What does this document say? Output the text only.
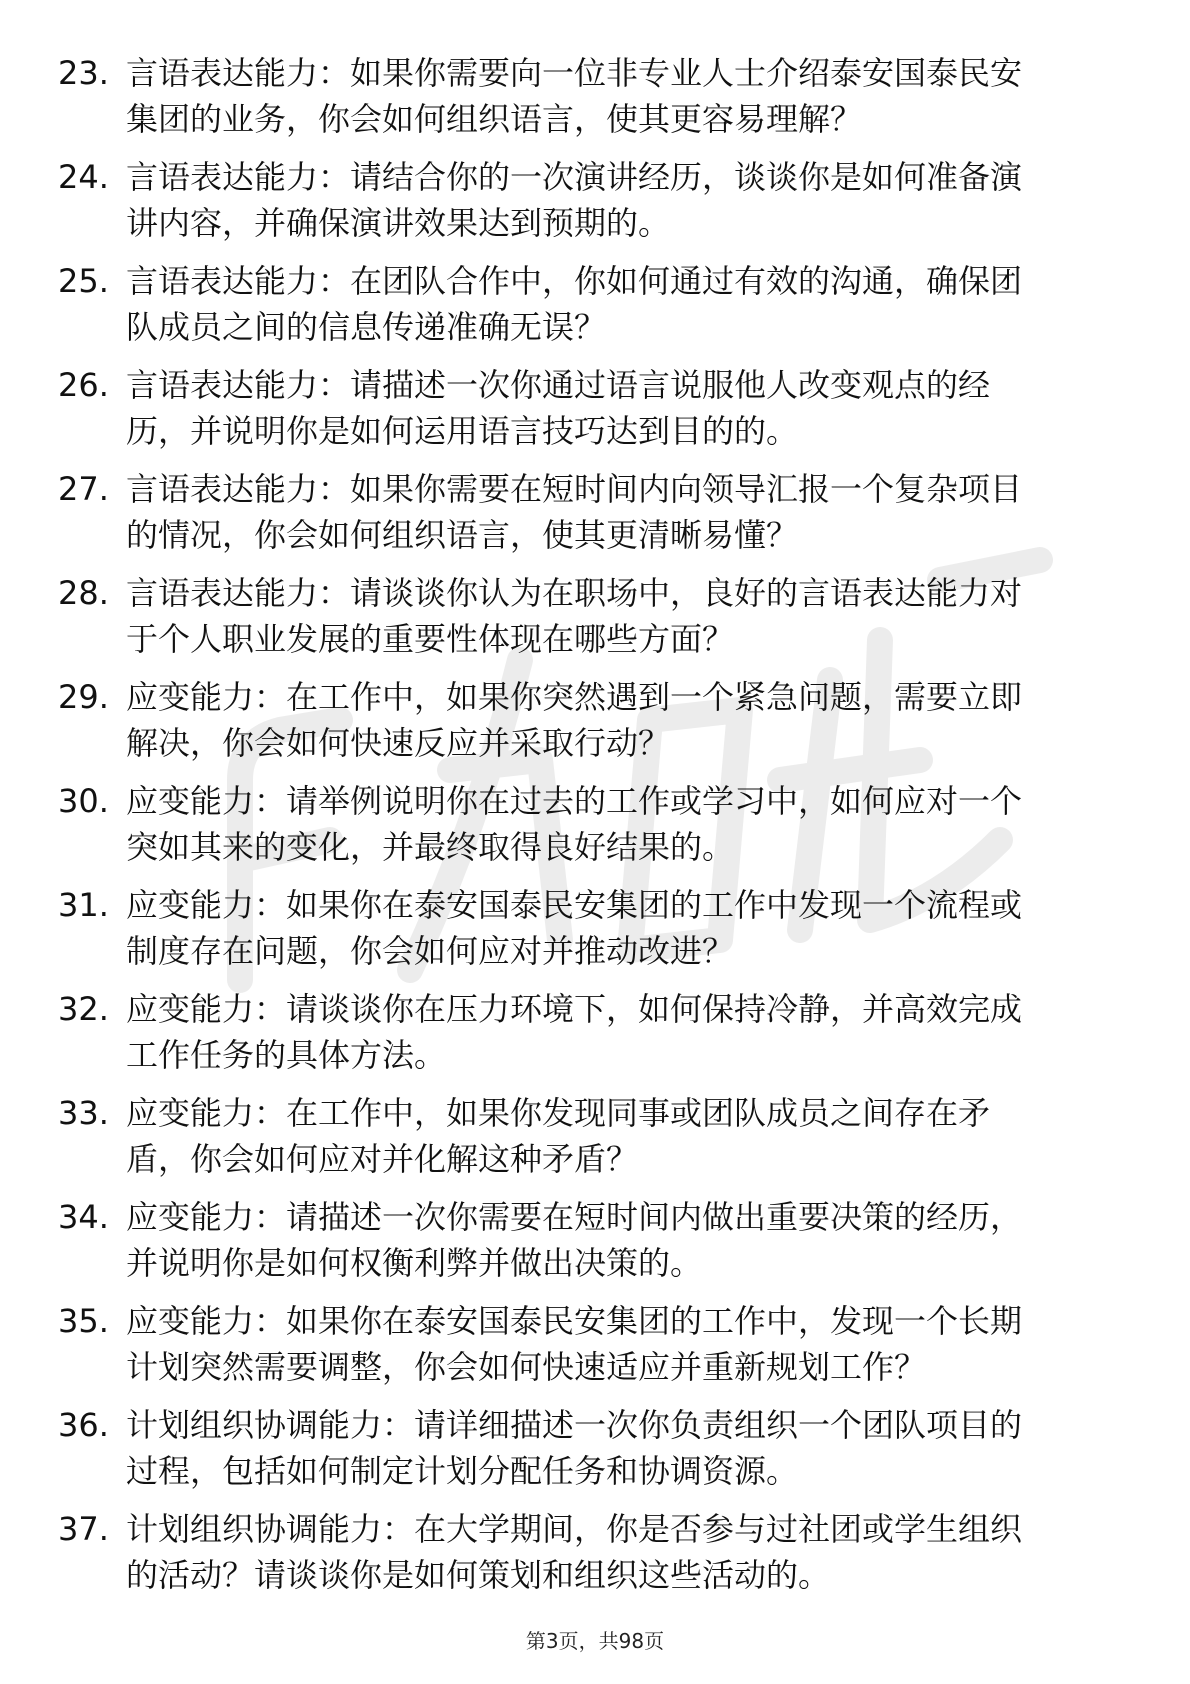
23. 言语表达能力：如果你需要向一位非专业人士介绍泰安国泰民安
集团的业务，你会如何组织语言，使其更容易理解？
24. 言语表达能力：请结合你的一次演讲经历，谈谈你是如何准备演
讲内容，并确保演讲效果达到预期的。
25. 言语表达能力：在团队合作中，你如何通过有效的沟通，确保团
队成员之间的信息传递准确无误？
26. 言语表达能力：请描述一次你通过语言说服他人改变观点的经
历，并说明你是如何运用语言技巧达到目的的。
27. 言语表达能力：如果你需要在短时间内向领导汇报一个复杂项目
的情况，你会如何组织语言，使其更清晰易懂？
28. 言语表达能力：请谈谈你认为在职场中，良好的言语表达能力对
于个人职业发展的重要性体现在哪些方面？
29. 应变能力：在工作中，如果你突然遇到一个紧急问题，需要立即
解决，你会如何快速反应并采取行动？
30. 应变能力：请举例说明你在过去的工作或学习中，如何应对一个
突如其来的变化，并最终取得良好结果的。
31. 应变能力：如果你在泰安国泰民安集团的工作中发现一个流程或
制度存在问题，你会如何应对并推动改进？
32. 应变能力：请谈谈你在压力环境下，如何保持冷静，并高效完成
工作任务的具体方法。
33. 应变能力：在工作中，如果你发现同事或团队成员之间存在矛
盾，你会如何应对并化解这种矛盾？
34. 应变能力：请描述一次你需要在短时间内做出重要决策的经历，
并说明你是如何权衡利弊并做出决策的。
35. 应变能力：如果你在泰安国泰民安集团的工作中，发现一个长期
计划突然需要调整，你会如何快速适应并重新规划工作？
36. 计划组织协调能力：请详细描述一次你负责组织一个团队项目的
过程，包括如何制定计划分配任务和协调资源。
37. 计划组织协调能力：在大学期间，你是否参与过社团或学生组织
的活动？请谈谈你是如何策划和组织这些活动的。
第3页，共98页
